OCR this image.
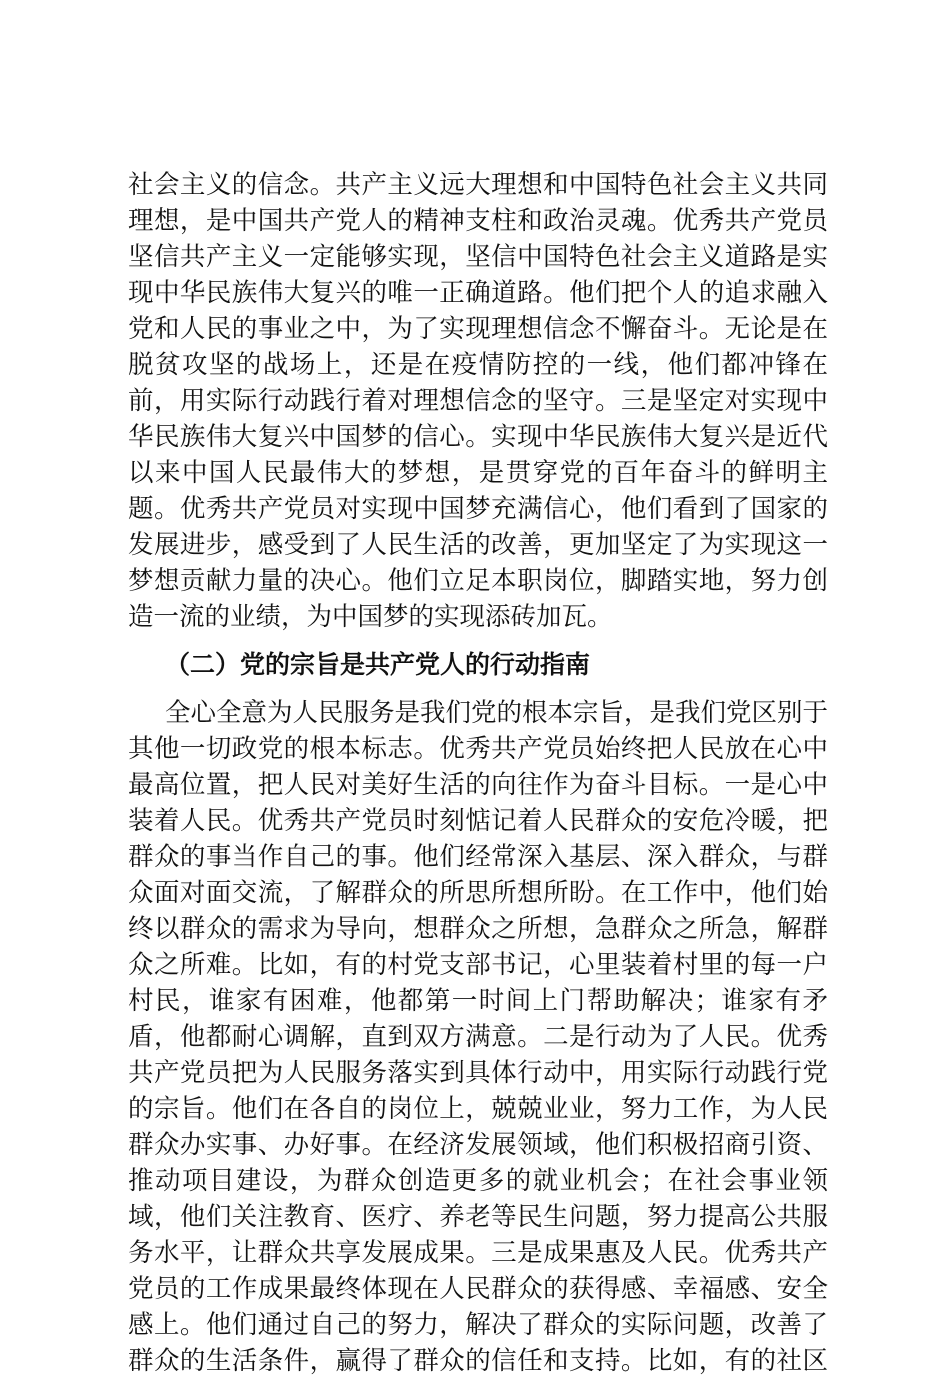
（二）党的宗旨是共产党人的行动指南
全心全意为人民服务是我们党的根本宗旨，是我们党区别于
其他一切政党的根本标志。优秀共产党员始终把人民放在心中
最高位置，把人民对美好生活的向往作为奋斗目标。一是心中
装着人民。优秀共产党员时刻惦记着人民群众的安危冷暖，把
群众的事当作自己的事。他们经常深入基层、深入群众，与群
众面对面交流，了解群众的所思所想所盼。在工作中，他们始
终以群众的需求为导向，想群众之所想，急群众之所急，解群
众之所难。比如，有的村党支部书记，心里装着村里的每一户
村民，谁家有困难，他都第一时间上门帮助解决；谁家有矛
盾，他都耐心调解，直到双方满意。二是行动为了人民。优秀
共产党员把为人民服务落实到具体行动中，用实际行动践行党
的宗旨。他们在各自的岗位上，兢兢业业，努力工作，为人民
群众办实事、办好事。在经济发展领域，他们积极招商引资、
推动项目建设，为群众创造更多的就业机会；在社会事业领
域，他们关注教育、医疗、养老等民生问题，努力提高公共服
务水平，让群众共享发展成果。三是成果惠及人民。优秀共产
党员的工作成果最终体现在人民群众的获得感、幸福感、安全
感上。他们通过自己的努力，解决了群众的实际问题，改善了
群众的生活条件，赢得了群众的信任和支持。比如，有的社区
社会主义的信念。共产主义远大理想和中国特色社会主义共同
理想，是中国共产党人的精神支柱和政治灵魂。优秀共产党员
坚信共产主义一定能够实现，坚信中国特色社会主义道路是实
现中华民族伟大复兴的唯一正确道路。他们把个人的追求融入
党和人民的事业之中，为了实现理想信念不懈奋斗。无论是在
脱贫攻坚的战场上，还是在疫情防控的一线，他们都冲锋在
前，用实际行动践行着对理想信念的坚守。三是坚定对实现中
华民族伟大复兴中国梦的信心。实现中华民族伟大复兴是近代
以来中国人民最伟大的梦想，是贯穿党的百年奋斗的鲜明主
题。优秀共产党员对实现中国梦充满信心，他们看到了国家的
发展进步，感受到了人民生活的改善，更加坚定了为实现这一
梦想贡献力量的决心。他们立足本职岗位，脚踏实地，努力创
造一流的业绩，为中国梦的实现添砖加瓦。
